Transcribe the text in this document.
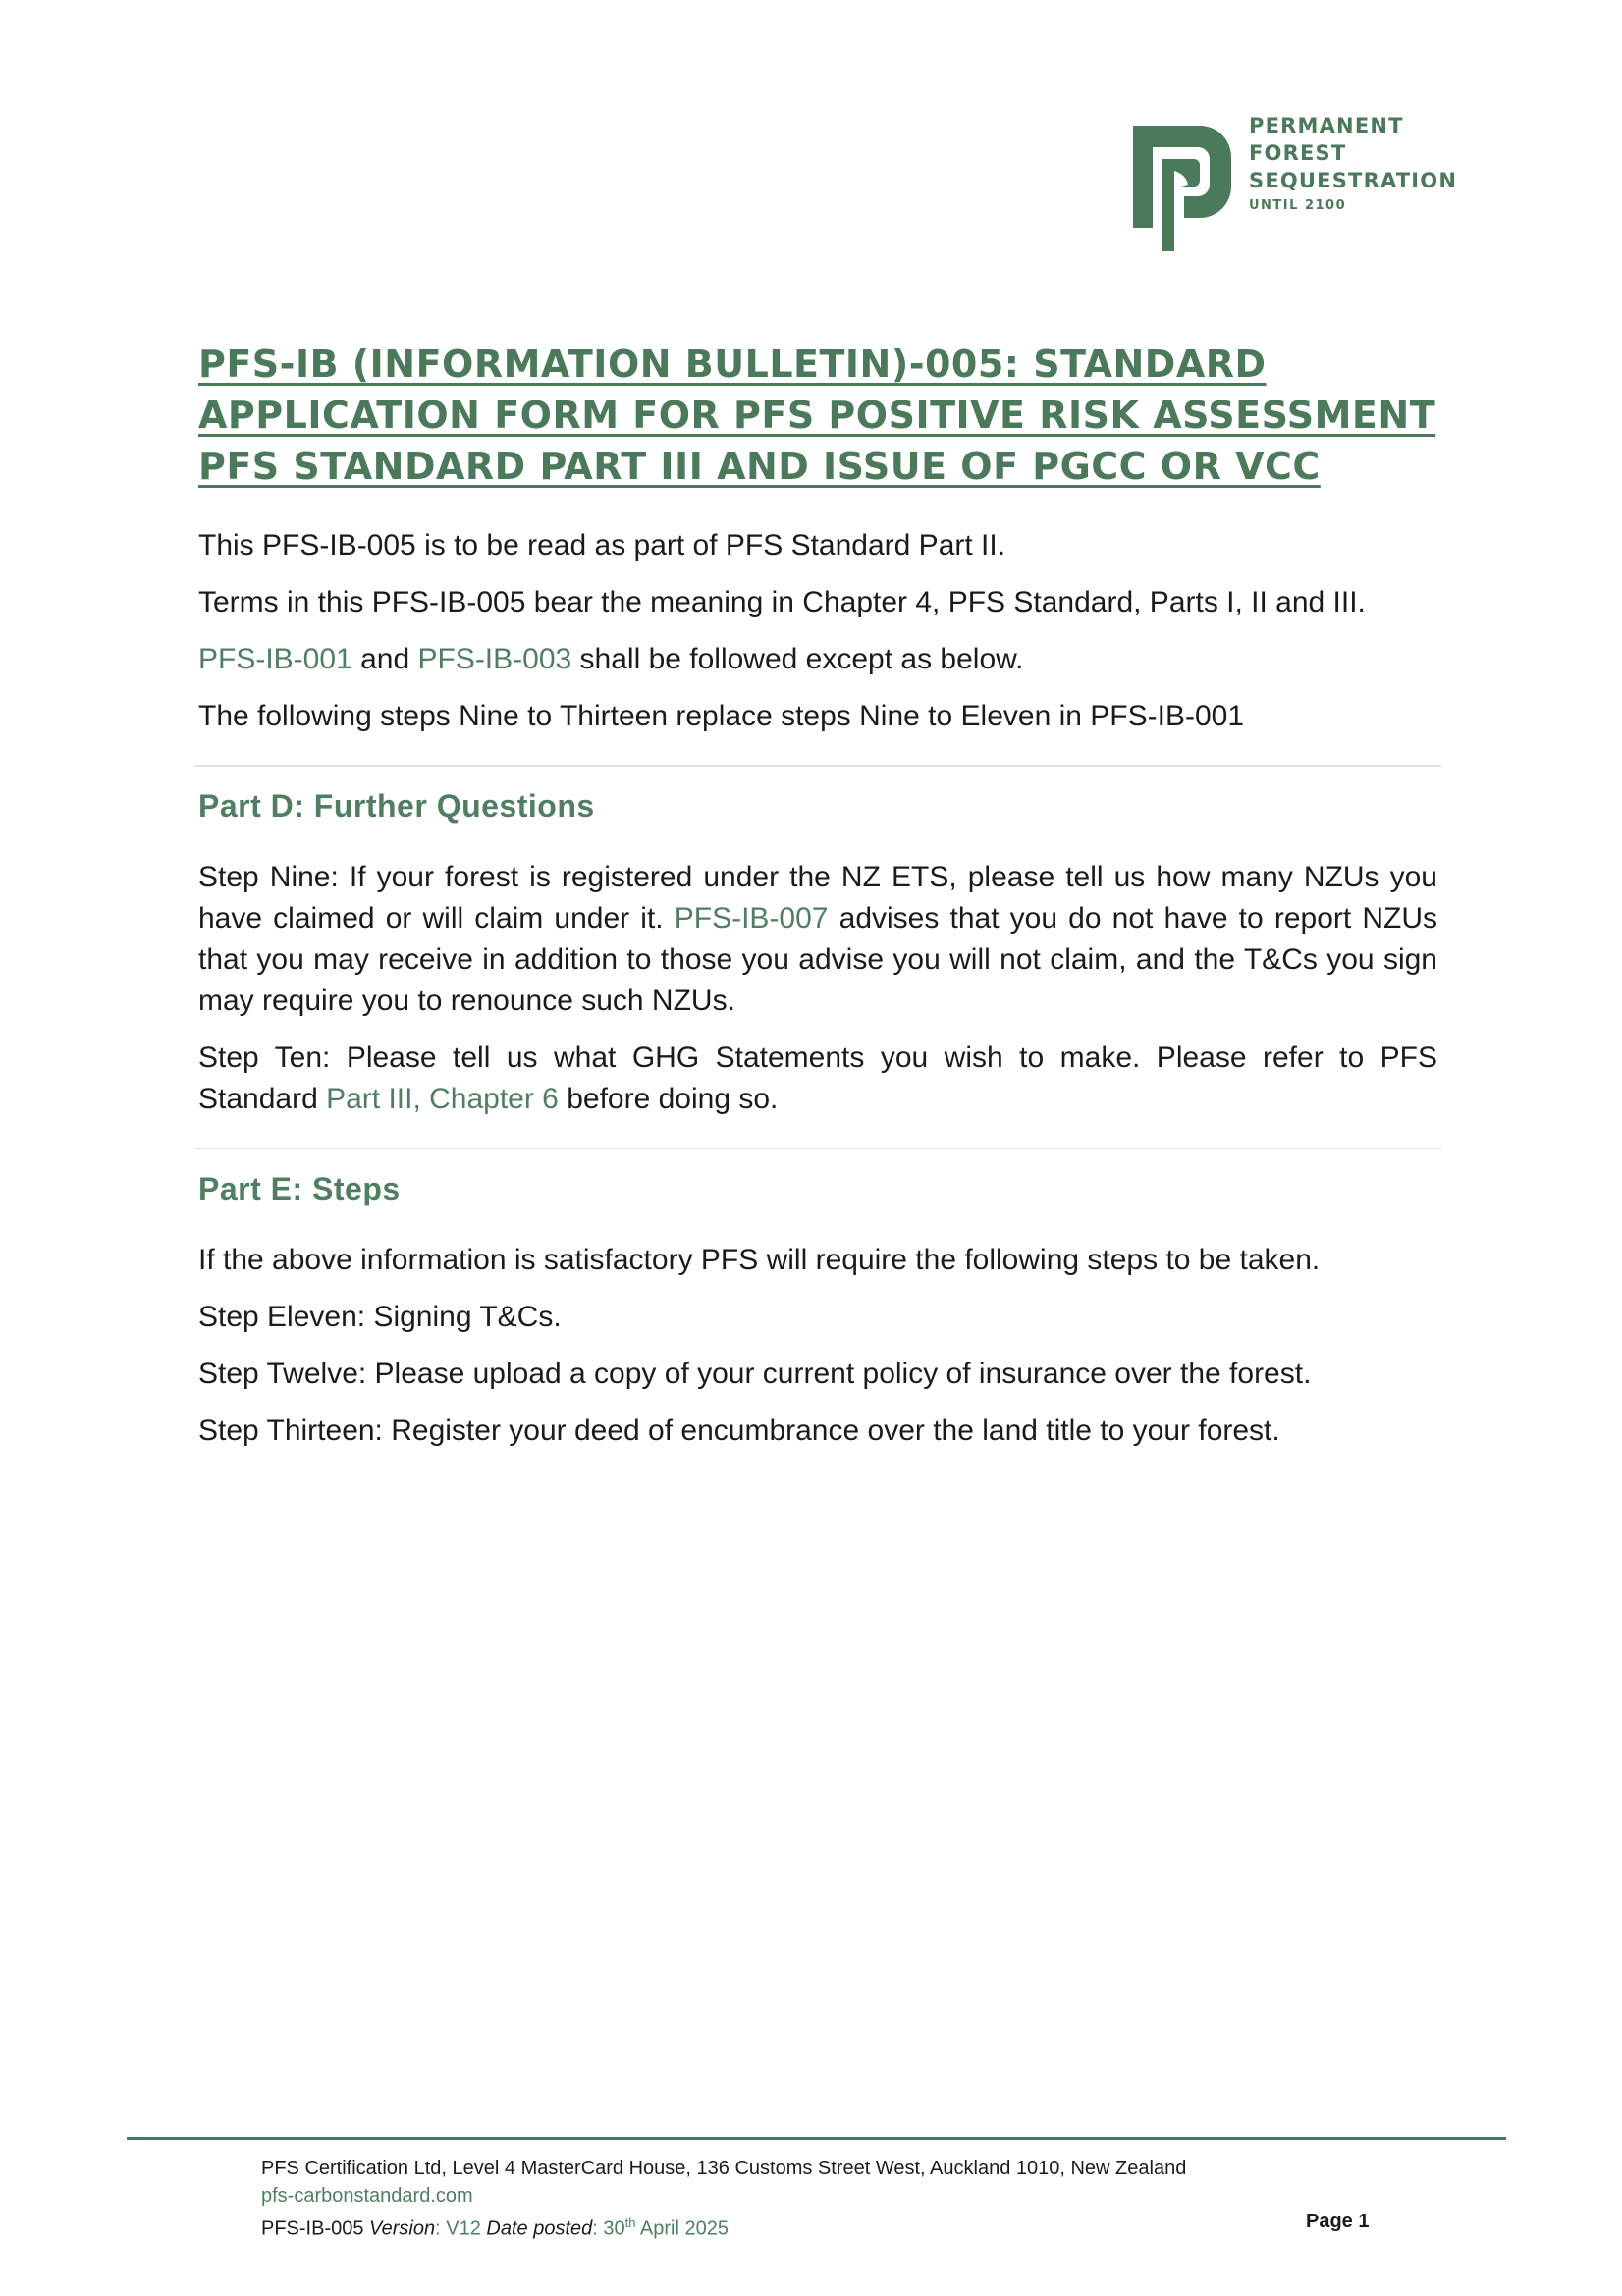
PERMANENT
FOREST
SEQUESTRATION
UNTIL 2100
PFS-IB (INFORMATION BULLETIN)-005: STANDARD APPLICATION FORM FOR PFS POSITIVE RISK ASSESSMENT PFS STANDARD PART III AND ISSUE OF PGCC OR VCC

This PFS-IB-005 is to be read as part of PFS Standard Part II.

Terms in this PFS-IB-005 bear the meaning in Chapter 4, PFS Standard, Parts I, II and III.

PFS-IB-001 and PFS-IB-003 shall be followed except as below.

The following steps Nine to Thirteen replace steps Nine to Eleven in PFS-IB-001

Part D: Further Questions

Step Nine: If your forest is registered under the NZ ETS, please tell us how many NZUs you have claimed or will claim under it. PFS-IB-007 advises that you do not have to report NZUs that you may receive in addition to those you advise you will not claim, and the T&Cs you sign may require you to renounce such NZUs.

Step Ten: Please tell us what GHG Statements you wish to make. Please refer to PFS Standard Part III, Chapter 6 before doing so.

Part E: Steps

If the above information is satisfactory PFS will require the following steps to be taken.

Step Eleven: Signing T&Cs.

Step Twelve: Please upload a copy of your current policy of insurance over the forest.

Step Thirteen: Register your deed of encumbrance over the land title to your forest.

PFS Certification Ltd, Level 4 MasterCard House, 136 Customs Street West, Auckland 1010, New Zealand
pfs-carbonstandard.com
PFS-IB-005 Version: V12 Date posted: 30th April 2025	Page 1
